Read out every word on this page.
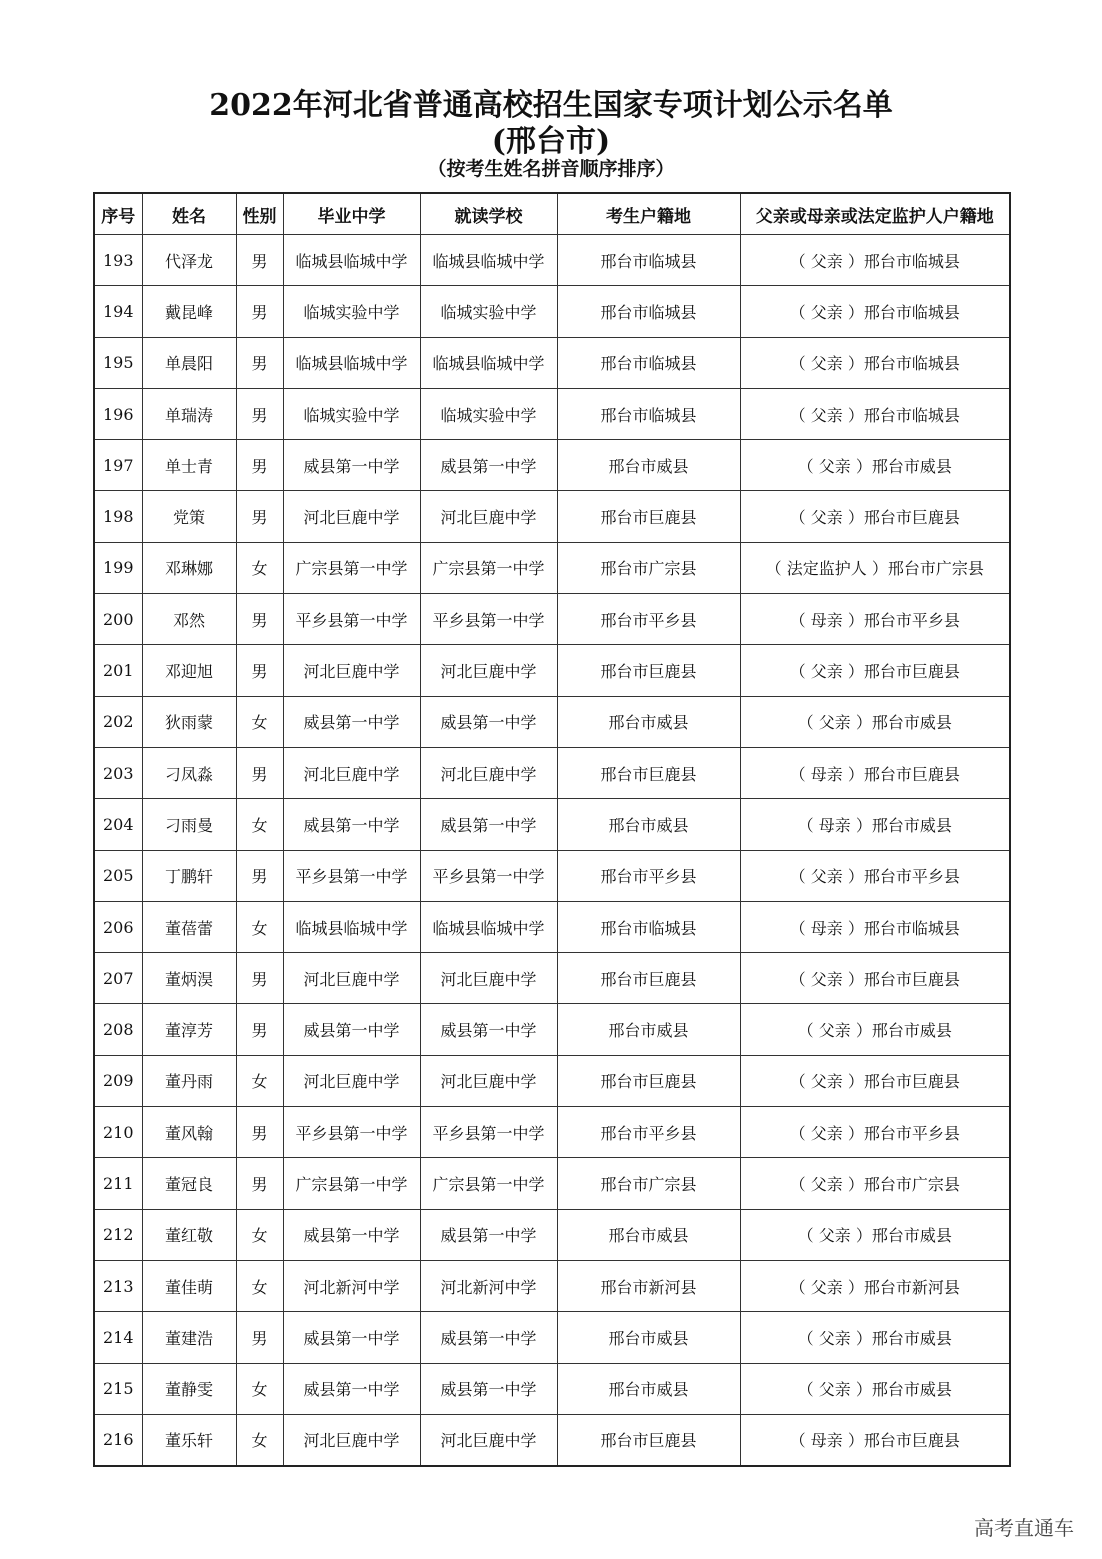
2022年河北省普通高校招生国家专项计划公示名单
(邢台市)
（按考生姓名拼音顺序排序）
序号	姓名	性别	毕业中学	就读学校	考生户籍地	父亲或母亲或法定监护人户籍地
193	代泽龙	男	临城县临城中学	临城县临城中学	邢台市临城县	（ 父亲 ）邢台市临城县
194	戴昆峰	男	临城实验中学	临城实验中学	邢台市临城县	（ 父亲 ）邢台市临城县
195	单晨阳	男	临城县临城中学	临城县临城中学	邢台市临城县	（ 父亲 ）邢台市临城县
196	单瑞涛	男	临城实验中学	临城实验中学	邢台市临城县	（ 父亲 ）邢台市临城县
197	单士青	男	威县第一中学	威县第一中学	邢台市威县	（ 父亲 ）邢台市威县
198	党策	男	河北巨鹿中学	河北巨鹿中学	邢台市巨鹿县	（ 父亲 ）邢台市巨鹿县
199	邓琳娜	女	广宗县第一中学	广宗县第一中学	邢台市广宗县	（ 法定监护人 ）邢台市广宗县
200	邓然	男	平乡县第一中学	平乡县第一中学	邢台市平乡县	（ 母亲 ）邢台市平乡县
201	邓迎旭	男	河北巨鹿中学	河北巨鹿中学	邢台市巨鹿县	（ 父亲 ）邢台市巨鹿县
202	狄雨蒙	女	威县第一中学	威县第一中学	邢台市威县	（ 父亲 ）邢台市威县
203	刁凤淼	男	河北巨鹿中学	河北巨鹿中学	邢台市巨鹿县	（ 母亲 ）邢台市巨鹿县
204	刁雨曼	女	威县第一中学	威县第一中学	邢台市威县	（ 母亲 ）邢台市威县
205	丁鹏轩	男	平乡县第一中学	平乡县第一中学	邢台市平乡县	（ 父亲 ）邢台市平乡县
206	董蓓蕾	女	临城县临城中学	临城县临城中学	邢台市临城县	（ 母亲 ）邢台市临城县
207	董炳淏	男	河北巨鹿中学	河北巨鹿中学	邢台市巨鹿县	（ 父亲 ）邢台市巨鹿县
208	董淳芳	男	威县第一中学	威县第一中学	邢台市威县	（ 父亲 ）邢台市威县
209	董丹雨	女	河北巨鹿中学	河北巨鹿中学	邢台市巨鹿县	（ 父亲 ）邢台市巨鹿县
210	董风翰	男	平乡县第一中学	平乡县第一中学	邢台市平乡县	（ 父亲 ）邢台市平乡县
211	董冠良	男	广宗县第一中学	广宗县第一中学	邢台市广宗县	（ 父亲 ）邢台市广宗县
212	董红敬	女	威县第一中学	威县第一中学	邢台市威县	（ 父亲 ）邢台市威县
213	董佳萌	女	河北新河中学	河北新河中学	邢台市新河县	（ 父亲 ）邢台市新河县
214	董建浩	男	威县第一中学	威县第一中学	邢台市威县	（ 父亲 ）邢台市威县
215	董静雯	女	威县第一中学	威县第一中学	邢台市威县	（ 父亲 ）邢台市威县
216	董乐轩	女	河北巨鹿中学	河北巨鹿中学	邢台市巨鹿县	（ 母亲 ）邢台市巨鹿县
高考直通车
